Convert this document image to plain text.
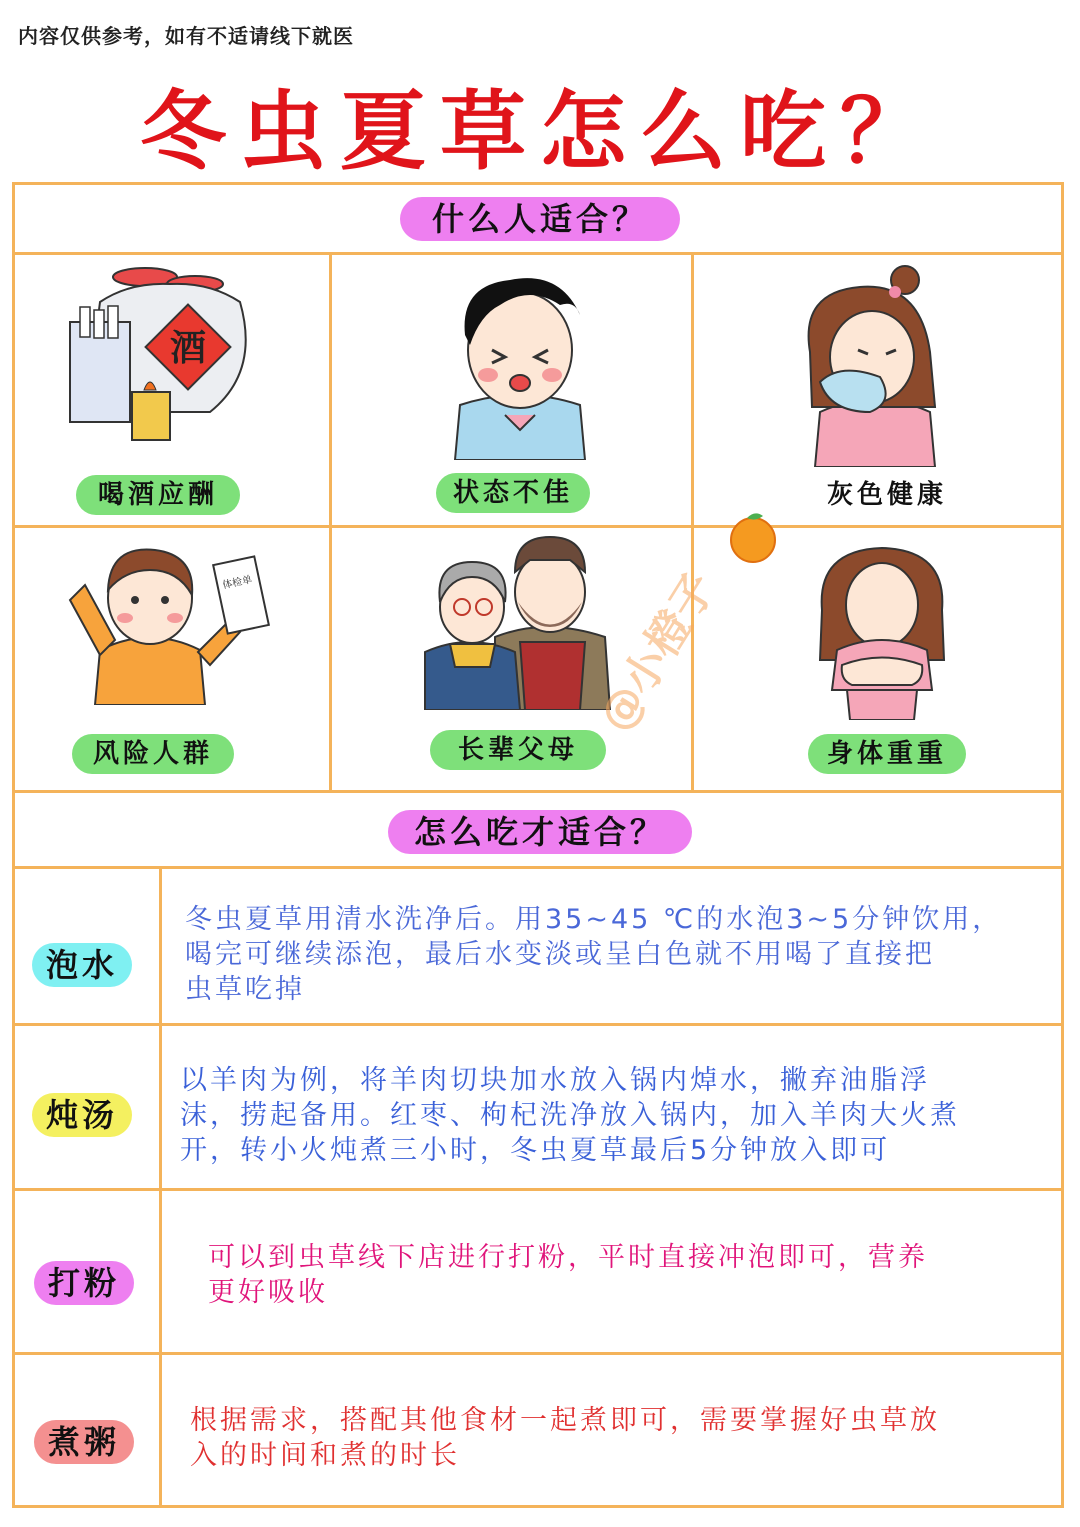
内容仅供参考，如有不适请线下就医
冬虫夏草怎么吃？
什么人适合？
酒
喝酒应酬	状态不佳	灰色健康
体检单
风险人群	长辈父母	身体重重
@小橙子
怎么吃才适合？
泡水
冬虫夏草用清水洗净后。用35~45 ℃的水泡3~5分钟饮用，
喝完可继续添泡，最后水变淡或呈白色就不用喝了直接把
虫草吃掉
炖汤
以羊肉为例，将羊肉切块加水放入锅内焯水，撇弃油脂浮
沫，捞起备用。红枣、枸杞洗净放入锅内，加入羊肉大火煮
开，转小火炖煮三小时，冬虫夏草最后5分钟放入即可
打粉
可以到虫草线下店进行打粉，平时直接冲泡即可，营养
更好吸收
煮粥
根据需求，搭配其他食材一起煮即可，需要掌握好虫草放
入的时间和煮的时长
